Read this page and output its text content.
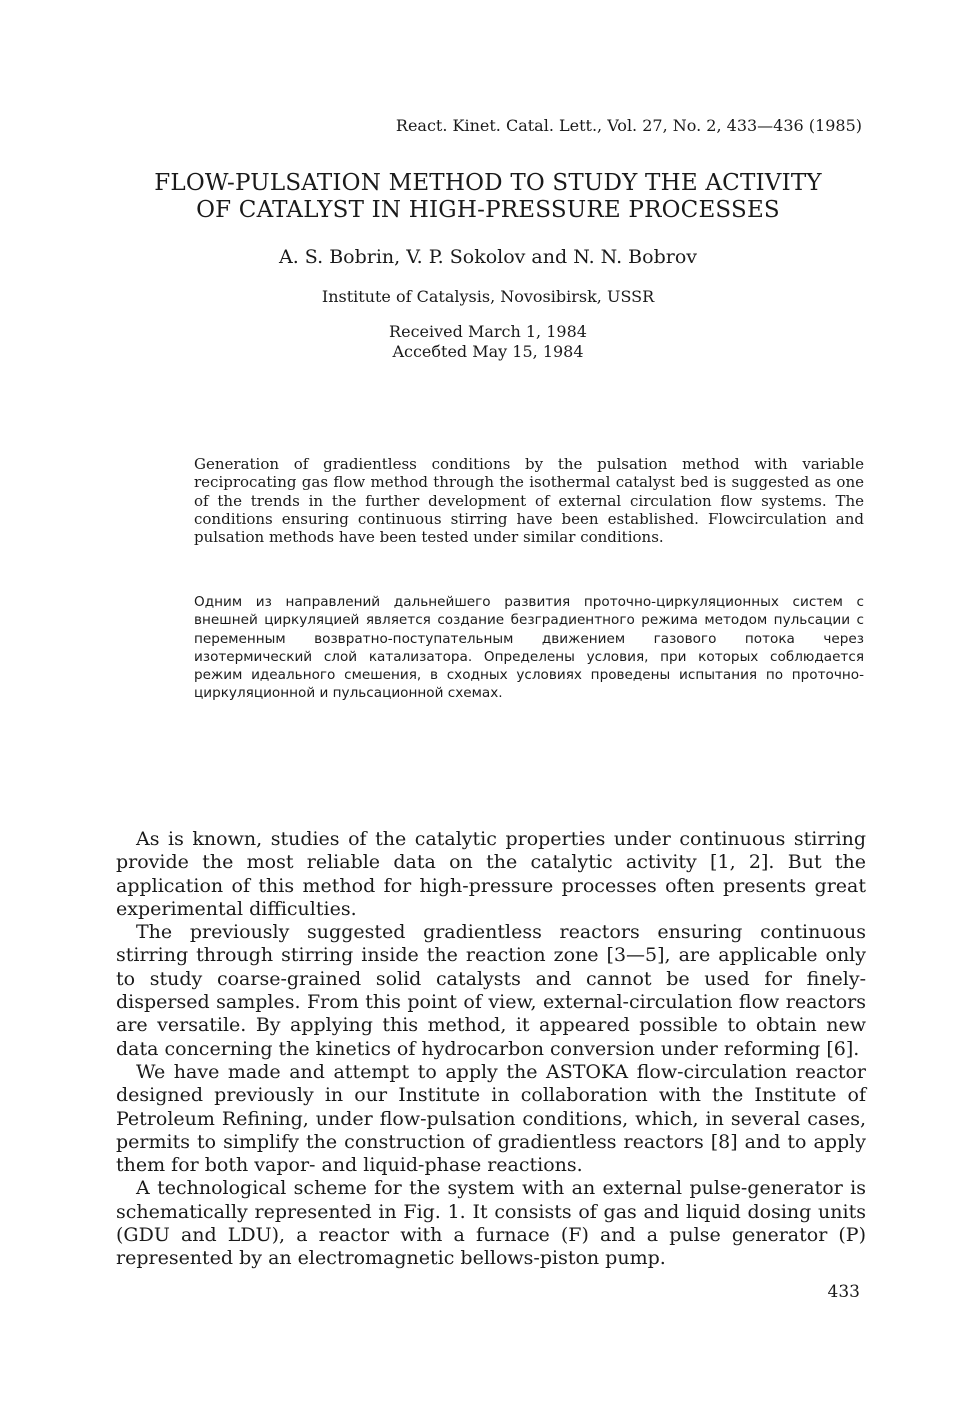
React. Kinet. Catal. Lett., Vol. 27, No. 2, 433—436 (1985)
FLOW-PULSATION METHOD TO STUDY THE ACTIVITY
OF CATALYST IN HIGH-PRESSURE PROCESSES
A. S. Bobrin, V. P. Sokolov and N. N. Bobrov
Institute of Catalysis, Novosibirsk, USSR
Received March 1, 1984
Acceбted May 15, 1984

Generation of gradientless conditions by the pulsation method with variable reciprocating gas flow method through the isothermal catalyst bed is suggested as one of the trends in the further development of external circulation flow systems. The conditions ensuring continuous stirring have been established. Flowcirculation and pulsation methods have been tested under similar conditions.

Одним из направлений дальнейшего развития проточно-циркуляционных систем с внешней циркуляцией является создание безградиентного режима методом пульсации с переменным возвратно-поступательным движением газового потока через изотермический слой катализатора. Определены условия, при которых соблюдается режим идеального смешения, в сходных условиях проведены испытания по проточно-циркуляционной и пульсационной схемах.

As is known, studies of the catalytic properties under continuous stirring provide the most reliable data on the catalytic activity [1, 2]. But the application of this method for high-pressure processes often presents great experimental difficulties.

The previously suggested gradientless reactors ensuring continuous stirring through stirring inside the reaction zone [3—5], are applicable only to study coarse-grained solid catalysts and cannot be used for finely-dispersed samples. From this point of view, external-circulation flow reactors are versatile. By applying this method, it appeared possible to obtain new data concerning the kinetics of hydrocarbon conversion under reforming [6].

We have made and attempt to apply the ASTOKA flow-circulation reactor designed previously in our Institute in collaboration with the Institute of Petroleum Refining, under flow-pulsation conditions, which, in several cases, permits to simplify the construction of gradientless reactors [8] and to apply them for both vapor- and liquid-phase reactions.

A technological scheme for the system with an external pulse-generator is schematically represented in Fig. 1. It consists of gas and liquid dosing units (GDU and LDU), a reactor with a furnace (F) and a pulse generator (P) represented by an electromagnetic bellows-piston pump.

433
